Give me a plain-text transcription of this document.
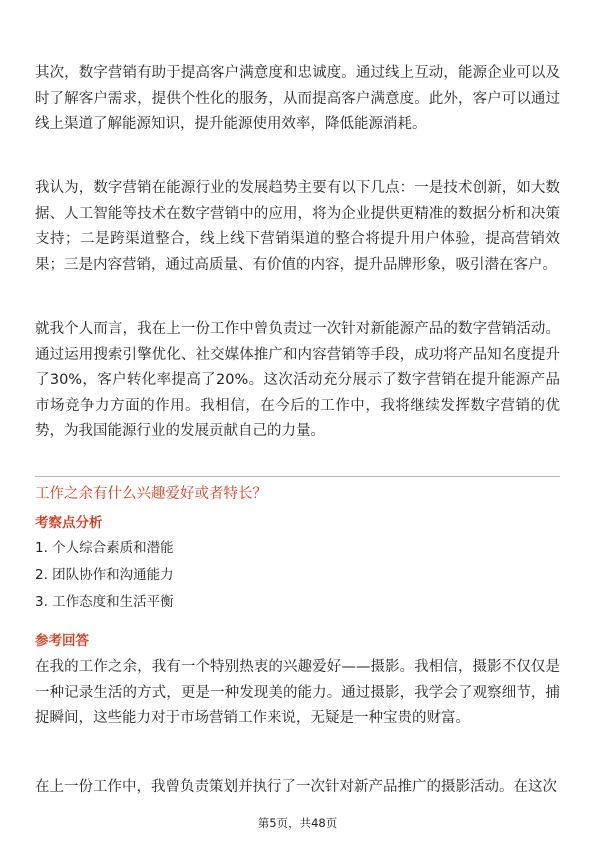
其次，数字营销有助于提高客户满意度和忠诚度。通过线上互动，能源企业可以及时了解客户需求，提供个性化的服务，从而提高客户满意度。此外，客户可以通过线上渠道了解能源知识，提升能源使用效率，降低能源消耗。

我认为，数字营销在能源行业的发展趋势主要有以下几点：一是技术创新，如大数据、人工智能等技术在数字营销中的应用，将为企业提供更精准的数据分析和决策支持；二是跨渠道整合，线上线下营销渠道的整合将提升用户体验，提高营销效果；三是内容营销，通过高质量、有价值的内容，提升品牌形象，吸引潜在客户。

就我个人而言，我在上一份工作中曾负责过一次针对新能源产品的数字营销活动。通过运用搜索引擎优化、社交媒体推广和内容营销等手段，成功将产品知名度提升了30%，客户转化率提高了20%。这次活动充分展示了数字营销在提升能源产品市场竞争力方面的作用。我相信，在今后的工作中，我将继续发挥数字营销的优势，为我国能源行业的发展贡献自己的力量。

工作之余有什么兴趣爱好或者特长？

考察点分析

1. 个人综合素质和潜能
2. 团队协作和沟通能力
3. 工作态度和生活平衡

参考回答

在我的工作之余，我有一个特别热衷的兴趣爱好——摄影。我相信，摄影不仅仅是一种记录生活的方式，更是一种发现美的能力。通过摄影，我学会了观察细节，捕捉瞬间，这些能力对于市场营销工作来说，无疑是一种宝贵的财富。

在上一份工作中，我曾负责策划并执行了一次针对新产品推广的摄影活动。在这次

第5页，共48页
